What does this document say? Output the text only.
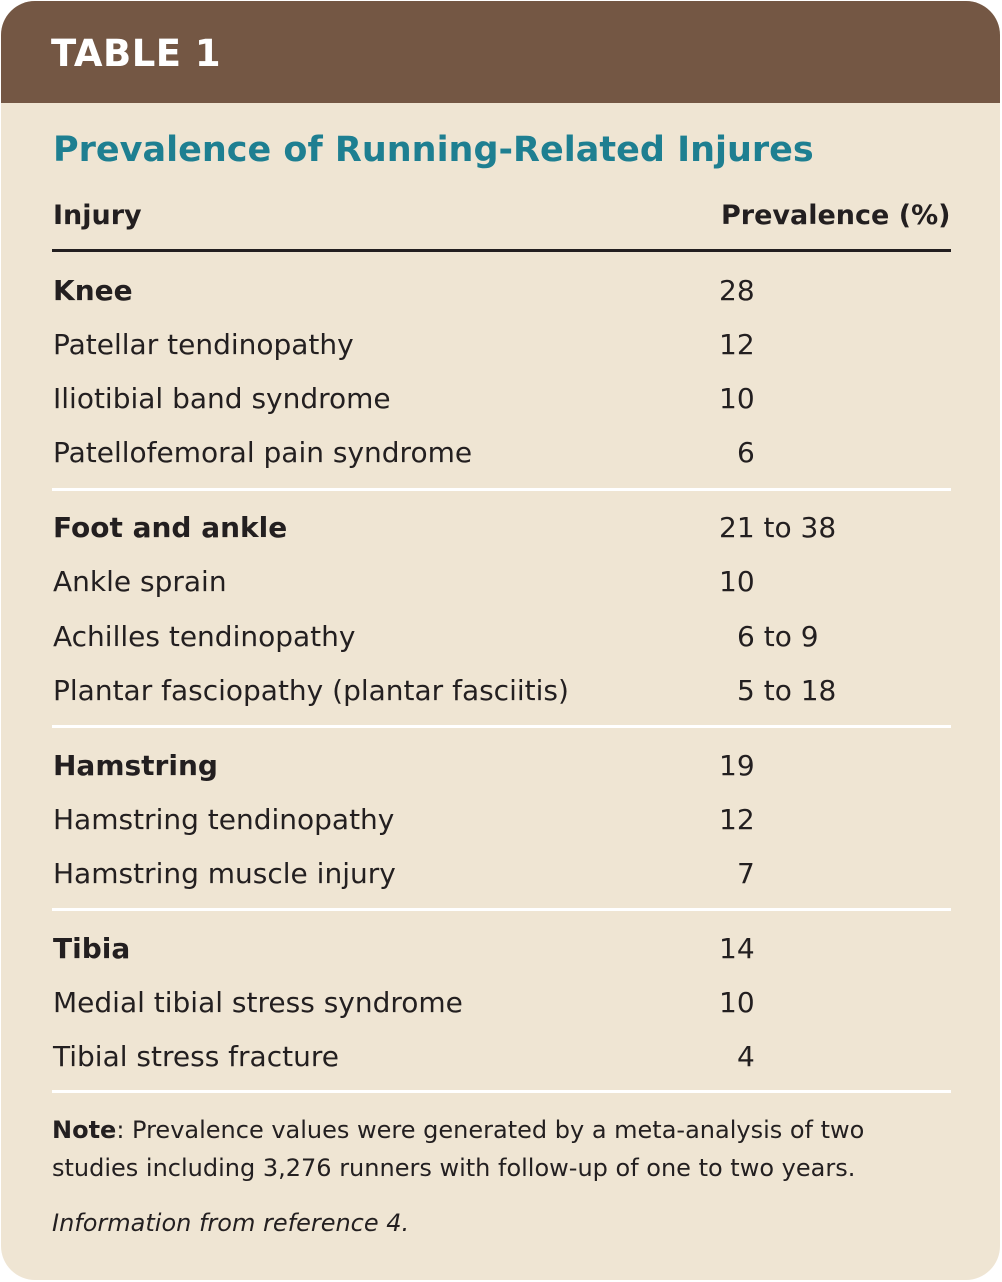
TABLE 1
Prevalence of Running-Related Injures
Injury	Prevalence (%)
Knee	28
Patellar tendinopathy	12
Iliotibial band syndrome	10
Patellofemoral pain syndrome	6
Foot and ankle	21 to 38
Ankle sprain	10
Achilles tendinopathy	6 to 9
Plantar fasciopathy (plantar fasciitis)	5 to 18
Hamstring	19
Hamstring tendinopathy	12
Hamstring muscle injury	7
Tibia	14
Medial tibial stress syndrome	10
Tibial stress fracture	4
Note: Prevalence values were generated by a meta-analysis of two studies including 3,276 runners with follow-up of one to two years.
Information from reference 4.
